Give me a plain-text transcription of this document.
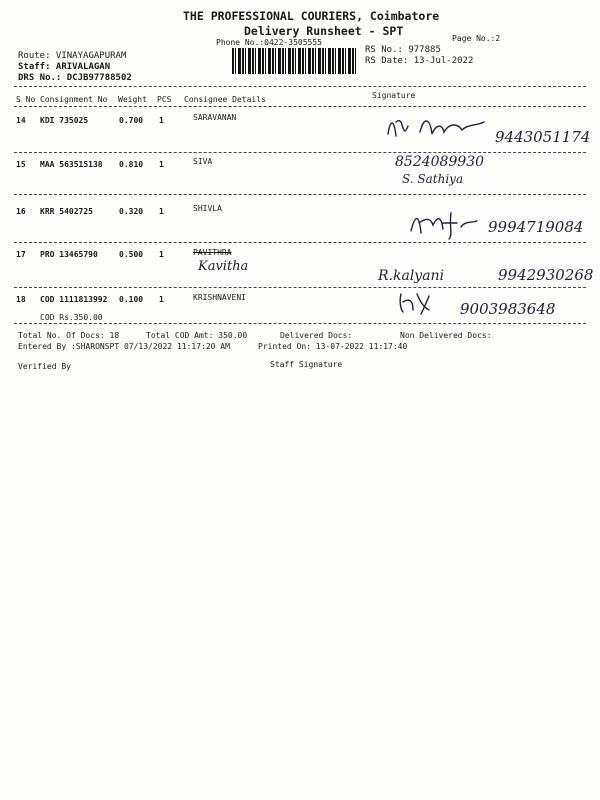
THE PROFESSIONAL COURIERS, Coimbatore
Delivery Runsheet - SPT
Phone No.:0422-3505555	Page No.:2
Route: VINAYAGAPURAM
Staff: ARIVALAGAN
DRS No.: DCJB97788502
RS No.: 977885
RS Date: 13-Jul-2022
S No Consignment No Weight PCS Consignee Details	Signature
14 KDI 735025	0.700 1	SARAVANAN
9443051174
15 MAA 563515138 0.810 1	SIVA	8524089930
S. Sathiya
16 KRR 5402725	0.320 1	SHIVLA
9994719084
17 PRO 13465790	0.500 1	PAVITHRA
Kavitha
R.kalyani	9942930268
18 COD 1111813992 0.100 1	KRISHNAVENI
COD Rs.350.00	9003983648
Total No. Of Docs: 18	Total COD Amt: 350.00	Delivered Docs:	Non Delivered Docs:
Entered By :SHARONSPT 07/13/2022 11:17:20 AM	Printed On: 13-07-2022 11:17:40
Verified By	Staff Signature
